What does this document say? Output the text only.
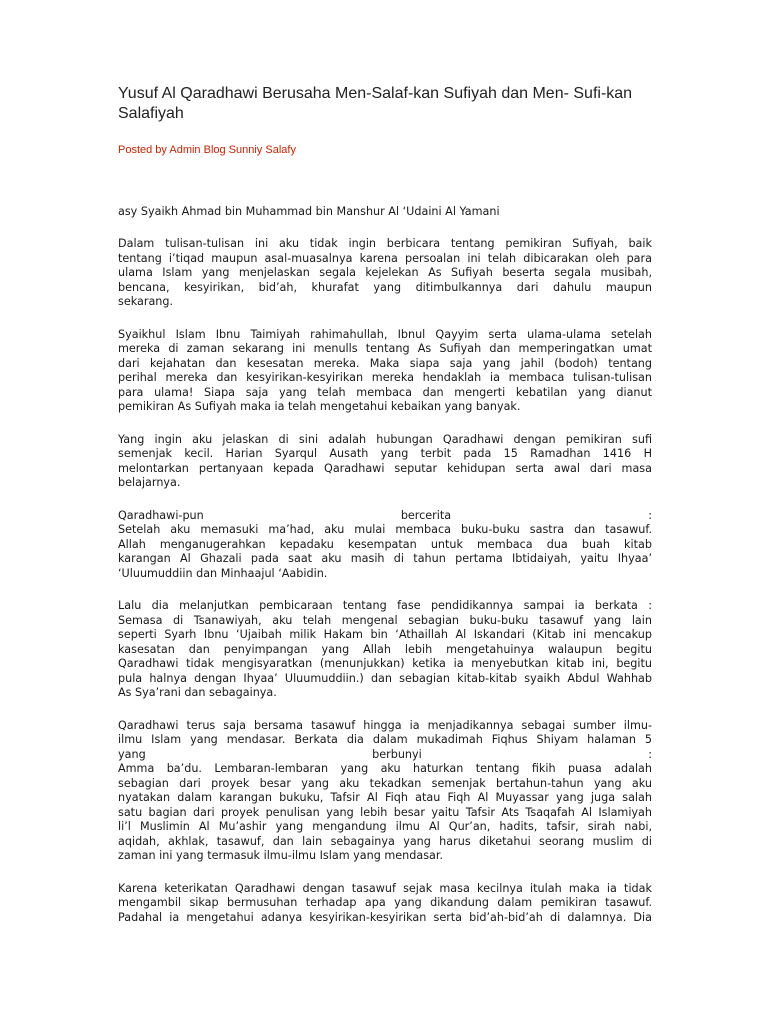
Yusuf Al Qaradhawi Berusaha Men-Salaf-kan Sufiyah dan Men- Sufi-kan Salafiyah
Posted by Admin Blog Sunniy Salafy
asy Syaikh Ahmad bin Muhammad bin Manshur Al ‘Udaini Al Yamani
Dalam tulisan-tulisan ini aku tidak ingin berbicara tentang pemikiran Sufiyah, baik
tentang i’tiqad maupun asal-muasalnya karena persoalan ini telah dibicarakan oleh para
ulama Islam yang menjelaskan segala kejelekan As Sufiyah beserta segala musibah,
bencana, kesyirikan, bid’ah, khurafat yang ditimbulkannya dari dahulu maupun
sekarang.
Syaikhul Islam Ibnu Taimiyah rahimahullah, Ibnul Qayyim serta ulama-ulama setelah
mereka di zaman sekarang ini menulls tentang As Sufiyah dan memperingatkan umat
dari kejahatan dan kesesatan mereka. Maka siapa saja yang jahil (bodoh) tentang
perihal mereka dan kesyirikan-kesyirikan mereka hendaklah ia membaca tulisan-tulisan
para ulama! Siapa saja yang telah membaca dan mengerti kebatilan yang dianut
pemikiran As Sufiyah maka ia telah mengetahui kebaikan yang banyak.
Yang ingin aku jelaskan di sini adalah hubungan Qaradhawi dengan pemikiran sufi
semenjak kecil. Harian Syarqul Ausath yang terbit pada 15 Ramadhan 1416 H
melontarkan pertanyaan kepada Qaradhawi seputar kehidupan serta awal dari masa
belajarnya.
Qaradhawi-pun	bercerita	:
Setelah aku memasuki ma’had, aku mulai membaca buku-buku sastra dan tasawuf.
Allah menganugerahkan kepadaku kesempatan untuk membaca dua buah kitab
karangan Al Ghazali pada saat aku masih di tahun pertama Ibtidaiyah, yaitu Ihyaa’
‘Uluumuddiin dan Minhaajul ‘Aabidin.
Lalu dia melanjutkan pembicaraan tentang fase pendidikannya sampai ia berkata :
Semasa di Tsanawiyah, aku telah mengenal sebagian buku-buku tasawuf yang lain
seperti Syarh Ibnu ‘Ujaibah milik Hakam bin ‘Athaillah Al Iskandari (Kitab ini mencakup
kasesatan dan penyimpangan yang Allah lebih mengetahuinya walaupun begitu
Qaradhawi tidak mengisyaratkan (menunjukkan) ketika ia menyebutkan kitab ini, begitu
pula halnya dengan Ihyaa’ Uluumuddiin.) dan sebagian kitab-kitab syaikh Abdul Wahhab
As Sya’rani dan sebagainya.
Qaradhawi terus saja bersama tasawuf hingga ia menjadikannya sebagai sumber ilmu-
ilmu Islam yang mendasar. Berkata dia dalam mukadimah Fiqhus Shiyam halaman 5
yang	berbunyi	:
Amma ba’du. Lembaran-lembaran yang aku haturkan tentang fikih puasa adalah
sebagian dari proyek besar yang aku tekadkan semenjak bertahun-tahun yang aku
nyatakan dalam karangan bukuku, Tafsir Al Fiqh atau Fiqh Al Muyassar yang juga salah
satu bagian dari proyek penulisan yang lebih besar yaitu Tafsir Ats Tsaqafah Al Islamiyah
li’l Muslimin Al Mu’ashir yang mengandung ilmu Al Qur’an, hadits, tafsir, sirah nabi,
aqidah, akhlak, tasawuf, dan lain sebagainya yang harus diketahui seorang muslim di
zaman ini yang termasuk ilmu-ilmu Islam yang mendasar.
Karena keterikatan Qaradhawi dengan tasawuf sejak masa kecilnya itulah maka ia tidak
mengambil sikap bermusuhan terhadap apa yang dikandung dalam pemikiran tasawuf.
Padahal ia mengetahui adanya kesyirikan-kesyirikan serta bid’ah-bid’ah di dalamnya. Dia
